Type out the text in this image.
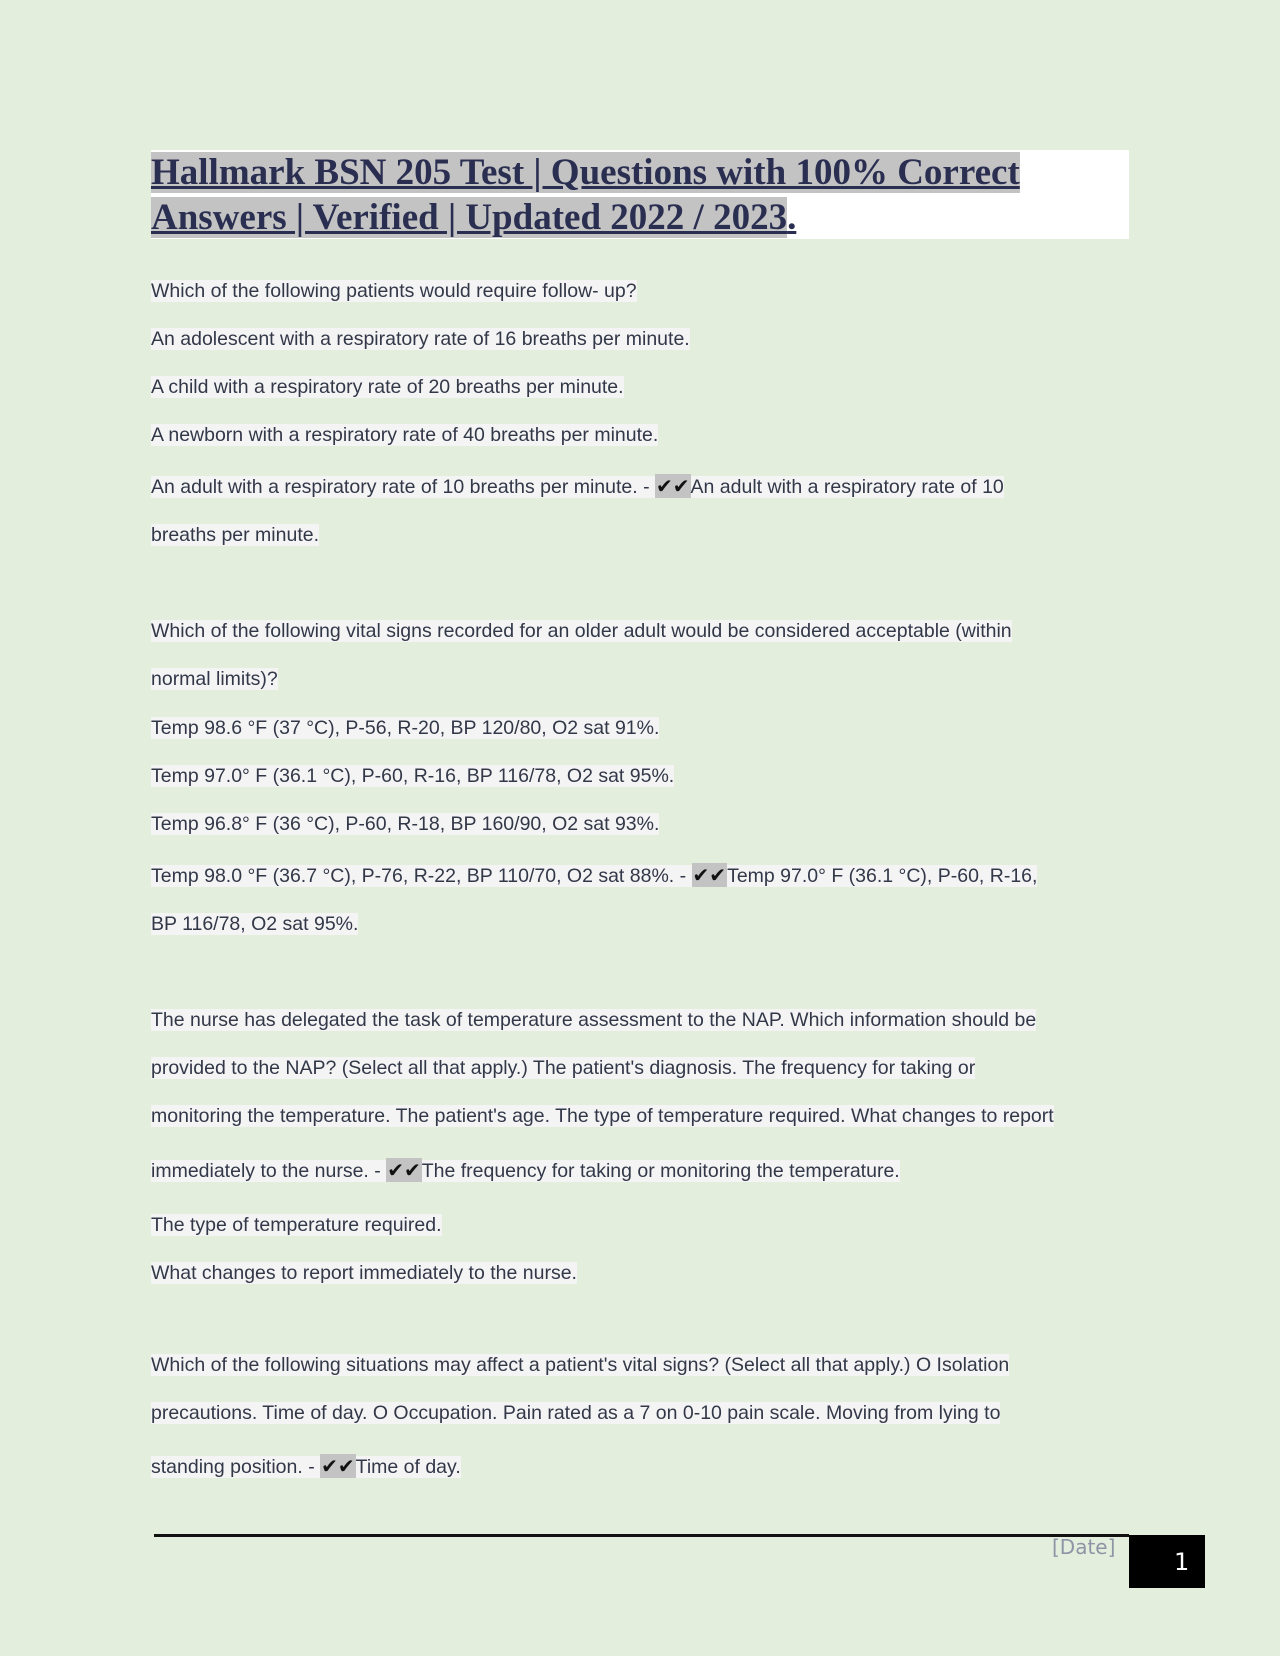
Hallmark BSN 205 Test | Questions with 100% Correct
Answers | Verified | Updated 2022 / 2023.
Which of the following patients would require follow- up?
An adolescent with a respiratory rate of 16 breaths per minute.
A child with a respiratory rate of 20 breaths per minute.
A newborn with a respiratory rate of 40 breaths per minute.
An adult with a respiratory rate of 10 breaths per minute. - ✔✔An adult with a respiratory rate of 10
breaths per minute.
Which of the following vital signs recorded for an older adult would be considered acceptable (within
normal limits)?
Temp 98.6 °F (37 °C), P-56, R-20, BP 120/80, O2 sat 91%.
Temp 97.0° F (36.1 °C), P-60, R-16, BP 116/78, O2 sat 95%.
Temp 96.8° F (36 °C), P-60, R-18, BP 160/90, O2 sat 93%.
Temp 98.0 °F (36.7 °C), P-76, R-22, BP 110/70, O2 sat 88%. - ✔✔Temp 97.0° F (36.1 °C), P-60, R-16,
BP 116/78, O2 sat 95%.
The nurse has delegated the task of temperature assessment to the NAP. Which information should be
provided to the NAP? (Select all that apply.) The patient's diagnosis. The frequency for taking or
monitoring the temperature. The patient's age. The type of temperature required. What changes to report
immediately to the nurse. - ✔✔The frequency for taking or monitoring the temperature.
The type of temperature required.
What changes to report immediately to the nurse.
Which of the following situations may affect a patient's vital signs? (Select all that apply.) O Isolation
precautions. Time of day. O Occupation. Pain rated as a 7 on 0-10 pain scale. Moving from lying to
standing position. - ✔✔Time of day.
[Date]
1
